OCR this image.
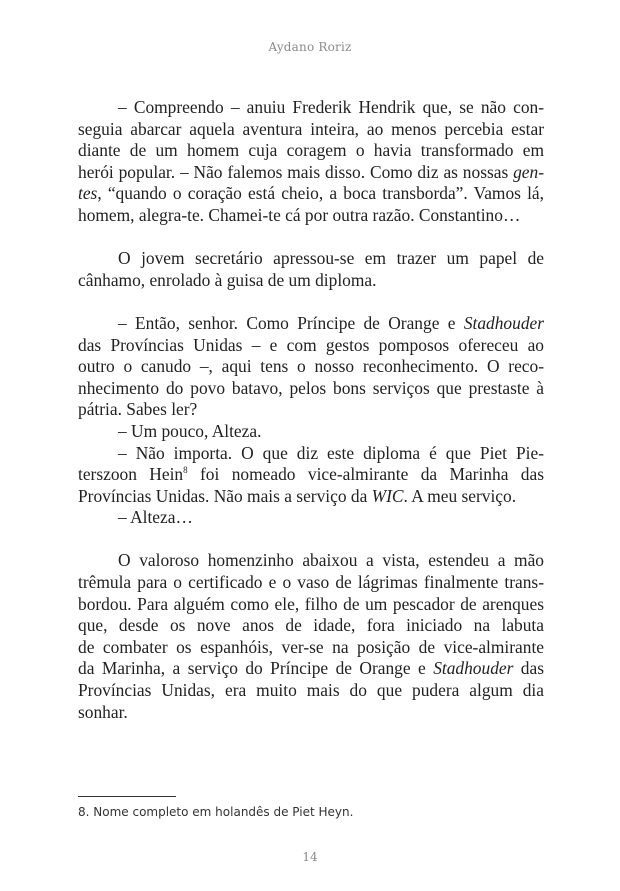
Aydano Roriz
– Compreendo – anuiu Frederik Hendrik que, se não con-
seguia abarcar aquela aventura inteira, ao menos percebia estar
diante de um homem cuja coragem o havia transformado em
herói popular. – Não falemos mais disso. Como diz as nossas gen-
tes, “quando o coração está cheio, a boca transborda”. Vamos lá,
homem, alegra-te. Chamei-te cá por outra razão. Constantino…
O jovem secretário apressou-se em trazer um papel de
cânhamo, enrolado à guisa de um diploma.
– Então, senhor. Como Príncipe de Orange e Stadhouder
das Províncias Unidas – e com gestos pomposos ofereceu ao
outro o canudo –, aqui tens o nosso reconhecimento. O reco-
nhecimento do povo batavo, pelos bons serviços que prestaste à
pátria. Sabes ler?
– Um pouco, Alteza.
– Não importa. O que diz este diploma é que Piet Pie-
terszoon Hein$^8$ foi nomeado vice-almirante da Marinha das
Províncias Unidas. Não mais a serviço da WIC. A meu serviço.
– Alteza…
O valoroso homenzinho abaixou a vista, estendeu a mão
trêmula para o certificado e o vaso de lágrimas finalmente trans-
bordou. Para alguém como ele, filho de um pescador de arenques
que, desde os nove anos de idade, fora iniciado na labuta
de combater os espanhóis, ver-se na posição de vice-almirante
da Marinha, a serviço do Príncipe de Orange e Stadhouder das
Províncias Unidas, era muito mais do que pudera algum dia
sonhar.
8. Nome completo em holandês de Piet Heyn.
14
